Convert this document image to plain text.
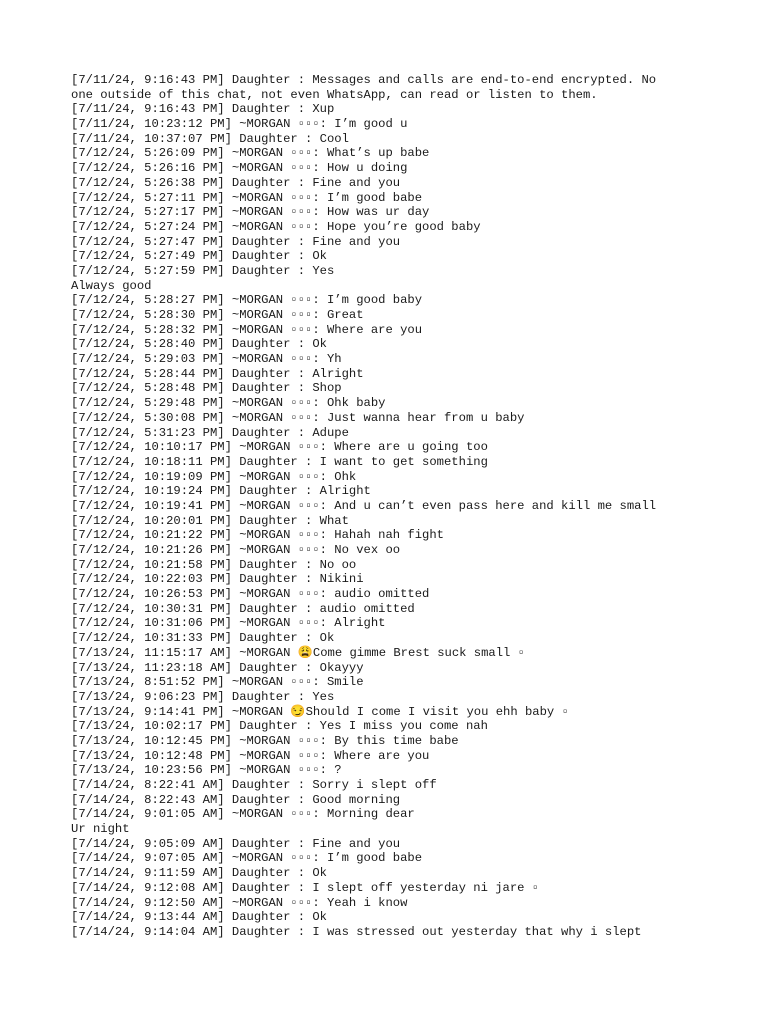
[7/11/24, 9:16:43 PM] Daughter : Messages and calls are end-to-end encrypted. No
one outside of this chat, not even WhatsApp, can read or listen to them.
[7/11/24, 9:16:43 PM] Daughter : Xup
[7/11/24, 10:23:12 PM] ~MORGAN ▫▫▫: I’m good u
[7/11/24, 10:37:07 PM] Daughter : Cool
[7/12/24, 5:26:09 PM] ~MORGAN ▫▫▫: What’s up babe
[7/12/24, 5:26:16 PM] ~MORGAN ▫▫▫: How u doing
[7/12/24, 5:26:38 PM] Daughter : Fine and you
[7/12/24, 5:27:11 PM] ~MORGAN ▫▫▫: I’m good babe
[7/12/24, 5:27:17 PM] ~MORGAN ▫▫▫: How was ur day
[7/12/24, 5:27:24 PM] ~MORGAN ▫▫▫: Hope you’re good baby
[7/12/24, 5:27:47 PM] Daughter : Fine and you
[7/12/24, 5:27:49 PM] Daughter : Ok
[7/12/24, 5:27:59 PM] Daughter : Yes
Always good
[7/12/24, 5:28:27 PM] ~MORGAN ▫▫▫: I’m good baby
[7/12/24, 5:28:30 PM] ~MORGAN ▫▫▫: Great
[7/12/24, 5:28:32 PM] ~MORGAN ▫▫▫: Where are you
[7/12/24, 5:28:40 PM] Daughter : Ok
[7/12/24, 5:29:03 PM] ~MORGAN ▫▫▫: Yh
[7/12/24, 5:28:44 PM] Daughter : Alright
[7/12/24, 5:28:48 PM] Daughter : Shop
[7/12/24, 5:29:48 PM] ~MORGAN ▫▫▫: Ohk baby
[7/12/24, 5:30:08 PM] ~MORGAN ▫▫▫: Just wanna hear from u baby
[7/12/24, 5:31:23 PM] Daughter : Adupe
[7/12/24, 10:10:17 PM] ~MORGAN ▫▫▫: Where are u going too
[7/12/24, 10:18:11 PM] Daughter : I want to get something
[7/12/24, 10:19:09 PM] ~MORGAN ▫▫▫: Ohk
[7/12/24, 10:19:24 PM] Daughter : Alright
[7/12/24, 10:19:41 PM] ~MORGAN ▫▫▫: And u can’t even pass here and kill me small
[7/12/24, 10:20:01 PM] Daughter : What
[7/12/24, 10:21:22 PM] ~MORGAN ▫▫▫: Hahah nah fight
[7/12/24, 10:21:26 PM] ~MORGAN ▫▫▫: No vex oo
[7/12/24, 10:21:58 PM] Daughter : No oo
[7/12/24, 10:22:03 PM] Daughter : Nikini
[7/12/24, 10:26:53 PM] ~MORGAN ▫▫▫: audio omitted
[7/12/24, 10:30:31 PM] Daughter : audio omitted
[7/12/24, 10:31:06 PM] ~MORGAN ▫▫▫: Alright
[7/12/24, 10:31:33 PM] Daughter : Ok
[7/13/24, 11:15:17 AM] ~MORGAN 😩Come gimme Brest suck small ▫
[7/13/24, 11:23:18 AM] Daughter : Okayyy
[7/13/24, 8:51:52 PM] ~MORGAN ▫▫▫: Smile
[7/13/24, 9:06:23 PM] Daughter : Yes
[7/13/24, 9:14:41 PM] ~MORGAN 😏Should I come I visit you ehh baby ▫
[7/13/24, 10:02:17 PM] Daughter : Yes I miss you come nah
[7/13/24, 10:12:45 PM] ~MORGAN ▫▫▫: By this time babe
[7/13/24, 10:12:48 PM] ~MORGAN ▫▫▫: Where are you
[7/13/24, 10:23:56 PM] ~MORGAN ▫▫▫: ?
[7/14/24, 8:22:41 AM] Daughter : Sorry i slept off
[7/14/24, 8:22:43 AM] Daughter : Good morning
[7/14/24, 9:01:05 AM] ~MORGAN ▫▫▫: Morning dear
Ur night
[7/14/24, 9:05:09 AM] Daughter : Fine and you
[7/14/24, 9:07:05 AM] ~MORGAN ▫▫▫: I’m good babe
[7/14/24, 9:11:59 AM] Daughter : Ok
[7/14/24, 9:12:08 AM] Daughter : I slept off yesterday ni jare ▫
[7/14/24, 9:12:50 AM] ~MORGAN ▫▫▫: Yeah i know
[7/14/24, 9:13:44 AM] Daughter : Ok
[7/14/24, 9:14:04 AM] Daughter : I was stressed out yesterday that why i slept
